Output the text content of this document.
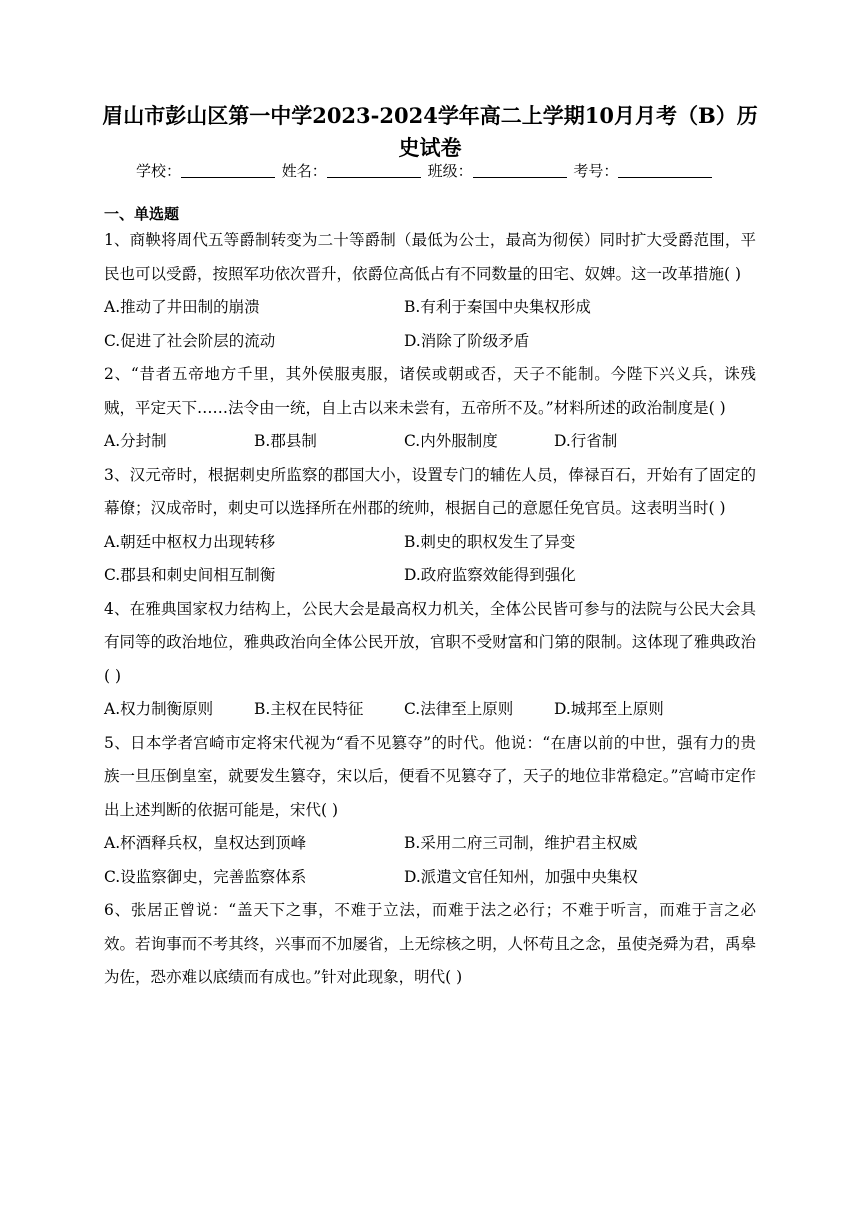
眉山市彭山区第一中学2023-2024学年高二上学期10月月考（B）历史试卷
学校：	姓名：	班级：	考号：
一、单选题

1、商鞅将周代五等爵制转变为二十等爵制（最低为公士，最高为彻侯）同时扩大受爵范围，平民也可以受爵，按照军功依次晋升，依爵位高低占有不同数量的田宅、奴婢。这一改革措施( )

A.推动了井田制的崩溃	B.有利于秦国中央集权形成
C.促进了社会阶层的流动	D.消除了阶级矛盾

2、“昔者五帝地方千里，其外侯服夷服，诸侯或朝或否，天子不能制。今陛下兴义兵，诛残贼，平定天下……法令由一统，自上古以来未尝有，五帝所不及。”材料所述的政治制度是( )

A.分封制	B.郡县制	C.内外服制度	D.行省制

3、汉元帝时，根据刺史所监察的郡国大小，设置专门的辅佐人员，俸禄百石，开始有了固定的幕僚；汉成帝时，刺史可以选择所在州郡的统帅，根据自己的意愿任免官员。这表明当时( )

A.朝廷中枢权力出现转移	B.刺史的职权发生了异变
C.郡县和刺史间相互制衡	D.政府监察效能得到强化

4、在雅典国家权力结构上，公民大会是最高权力机关，全体公民皆可参与的法院与公民大会具有同等的政治地位，雅典政治向全体公民开放，官职不受财富和门第的限制。这体现了雅典政治( )

A.权力制衡原则	B.主权在民特征	C.法律至上原则	D.城邦至上原则

5、日本学者宫崎市定将宋代视为“看不见篡夺”的时代。他说：“在唐以前的中世，强有力的贵族一旦压倒皇室，就要发生篡夺，宋以后，便看不见篡夺了，天子的地位非常稳定。”宫崎市定作出上述判断的依据可能是，宋代( )

A.杯酒释兵权，皇权达到顶峰	B.采用二府三司制，维护君主权威
C.设监察御史，完善监察体系	D.派遣文官任知州，加强中央集权

6、张居正曾说：“盖天下之事，不难于立法，而难于法之必行；不难于听言，而难于言之必效。若询事而不考其终，兴事而不加屡省，上无综核之明，人怀苟且之念，虽使尧舜为君，禹皋为佐，恐亦难以底绩而有成也。”针对此现象，明代( )
